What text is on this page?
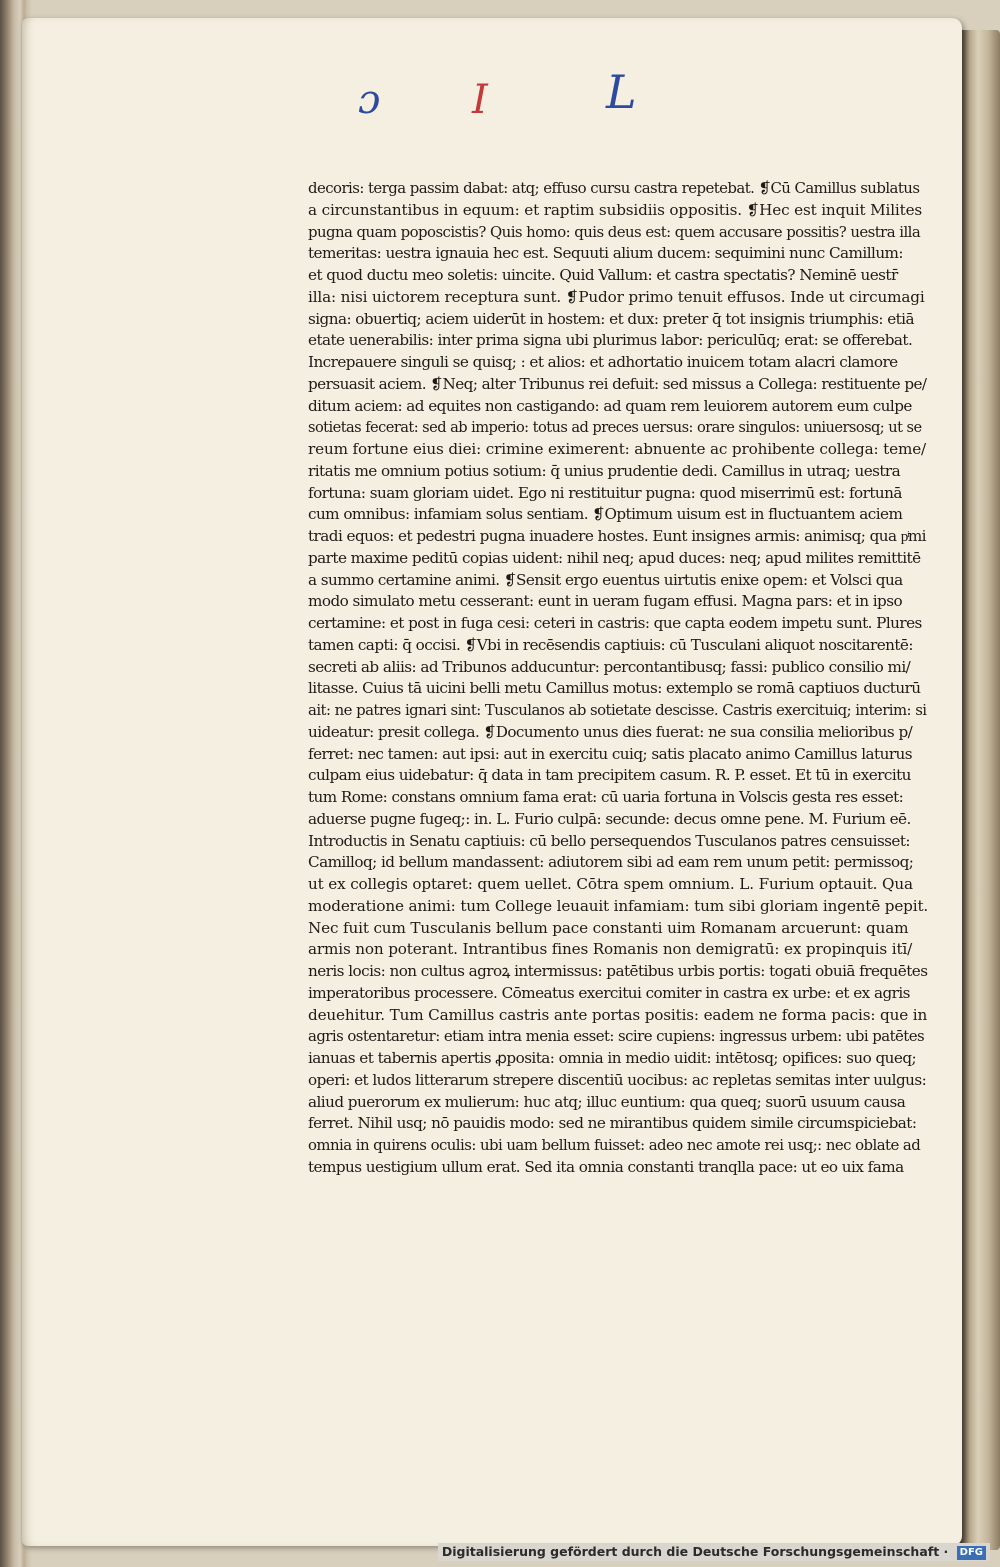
ɔ I	L
decoris: terga passim dabat: atq; effuso cursu castra repetebat. ❡Cū Camillus sublatus
a circunstantibus in equum: et raptim subsidiis oppositis. ❡Hec est inquit Milites
pugna quam poposcistis? Quis homo: quis deus est: quem accusare possitis? uestra illa
temeritas: uestra ignauia hec est. Sequuti alium ducem: sequimini nunc Camillum:
et quod ductu meo soletis: uincite. Quid Vallum: et castra spectatis? Neminē uestr̄
illa: nisi uictorem receptura sunt. ❡Pudor primo tenuit effusos. Inde ut circumagi
signa: obuertiq; aciem uiderūt in hostem: et dux: preter q̄ tot insignis triumphis: etiā
etate uenerabilis: inter prima signa ubi plurimus labor: periculūq; erat: se offerebat.
Increpauere singuli se quisq; : et alios: et adhortatio inuicem totam alacri clamore
persuasit aciem. ❡Neq; alter Tribunus rei defuit: sed missus a Collega: restituente pe/
ditum aciem: ad equites non castigando: ad quam rem leuiorem autorem eum culpe
sotietas fecerat: sed ab imperio: totus ad preces uersus: orare singulos: uniuersosq; ut se
reum fortune eius diei: crimine eximerent: abnuente ac prohibente collega: teme/
ritatis me omnium potius sotium: q̄ unius prudentie dedi. Camillus in utraq; uestra
fortuna: suam gloriam uidet. Ego ni restituitur pugna: quod miserrimū est: fortunā
cum omnibus: infamiam solus sentiam. ❡Optimum uisum est in fluctuantem aciem
tradi equos: et pedestri pugna inuadere hostes. Eunt insignes armis: animisq; qua pͥmi
parte maxime peditū copias uident: nihil neq; apud duces: neq; apud milites remittitē
a summo certamine animi. ❡Sensit ergo euentus uirtutis enixe opem: et Volsci qua
modo simulato metu cesserant: eunt in ueram fugam effusi. Magna pars: et in ipso
certamine: et post in fuga cesi: ceteri in castris: que capta eodem impetu sunt. Plures
tamen capti: q̄ occisi. ❡Vbi in recēsendis captiuis: cū Tusculani aliquot noscitarentē:
secreti ab aliis: ad Tribunos adducuntur: percontantibusq; fassi: publico consilio mi/
litasse. Cuius tā uicini belli metu Camillus motus: extemplo se romā captiuos ducturū
ait: ne patres ignari sint: Tusculanos ab sotietate descisse. Castris exercituiq; interim: si
uideatur: presit collega. ❡Documento unus dies fuerat: ne sua consilia melioribus p/
ferret: nec tamen: aut ipsi: aut in exercitu cuiq; satis placato animo Camillus laturus
culpam eius uidebatur: q̄ data in tam precipitem casum. R. P. esset. Et tū in exercitu
tum Rome: constans omnium fama erat: cū uaria fortuna in Volscis gesta res esset:
aduerse pugne fugeq;: in. L. Furio culpā: secunde: decus omne pene. M. Furium eē.
Introductis in Senatu captiuis: cū bello persequendos Tusculanos patres censuisset:
Camilloq; id bellum mandassent: adiutorem sibi ad eam rem unum petit: permissoq;
ut ex collegis optaret: quem uellet. Cōtra spem omnium. L. Furium optauit. Qua
moderatione animi: tum College leuauit infamiam: tum sibi gloriam ingentē pepit.
Nec fuit cum Tusculanis bellum pace constanti uim Romanam arcuerunt: quam
armis non poterant. Intrantibus fines Romanis non demigratū: ex propinquis itī/
neris locis: non cultus agroꝝ intermissus: patētibus urbis portis: togati obuiā frequētes
imperatoribus processere. Cōmeatus exercitui comiter in castra ex urbe: et ex agris
deuehitur. Tum Camillus castris ante portas positis: eadem ne forma pacis: que in
agris ostentaretur: etiam intra menia esset: scire cupiens: ingressus urbem: ubi patētes
ianuas et tabernis apertis ꝓposita: omnia in medio uidit: intētosq; opifices: suo queq;
operi: et ludos litterarum strepere discentiū uocibus: ac repletas semitas inter uulgus:
aliud puerorum ex mulierum: huc atq; illuc euntium: qua queq; suorū usuum causa
ferret. Nihil usq; nō pauidis modo: sed ne mirantibus quidem simile circumspiciebat:
omnia in quirens oculis: ubi uam bellum fuisset: adeo nec amote rei usq;: nec oblate ad
tempus uestigium ullum erat. Sed ita omnia constanti tranqlla pace: ut eo uix fama
Digitalisierung gefördert durch die Deutsche Forschungsgemeinschaft · DFG
